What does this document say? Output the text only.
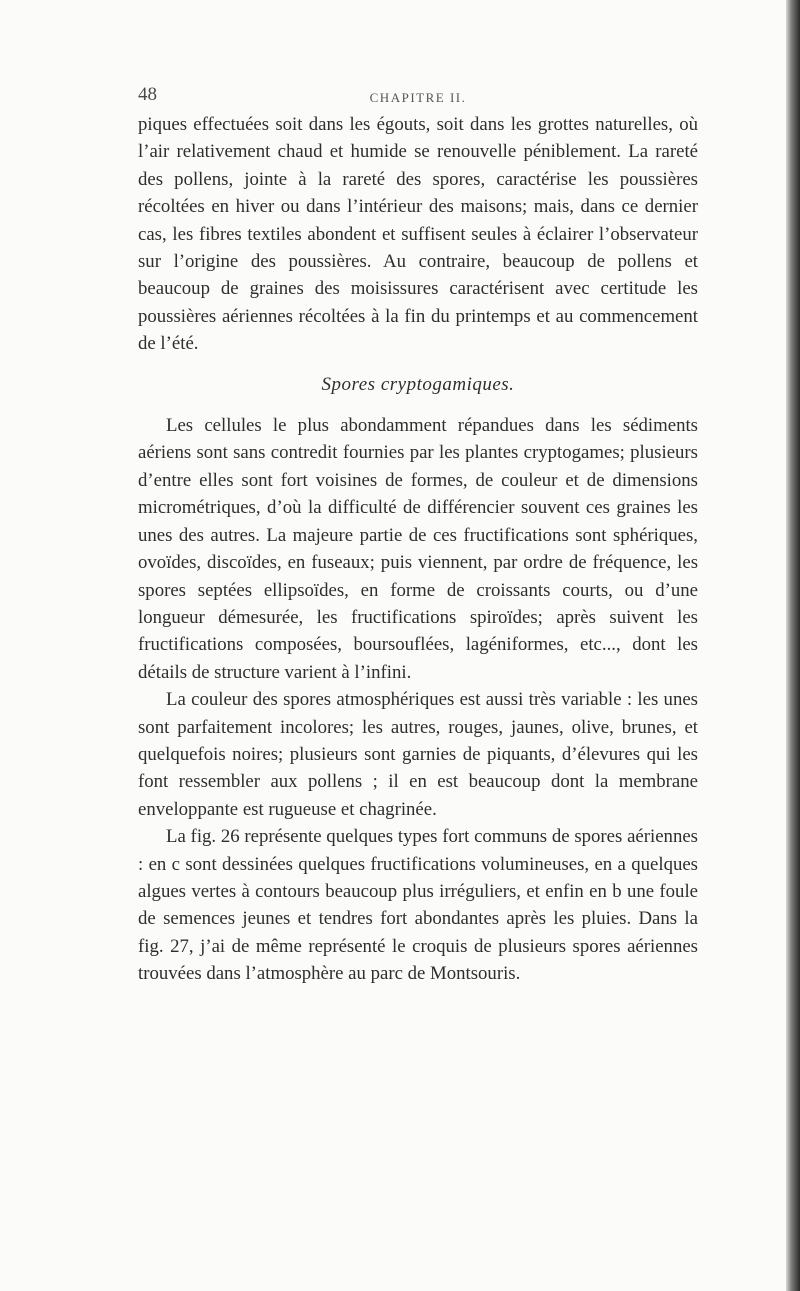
48	CHAPITRE II.

piques effectuées soit dans les égouts, soit dans les grottes naturelles, où l’air relativement chaud et humide se renouvelle péniblement. La rareté des pollens, jointe à la rareté des spores, caractérise les poussières récoltées en hiver ou dans l’intérieur des maisons; mais, dans ce dernier cas, les fibres textiles abondent et suffisent seules à éclairer l’observateur sur l’origine des poussières. Au contraire, beaucoup de pollens et beaucoup de graines des moisissures caractérisent avec certitude les poussières aériennes récoltées à la fin du printemps et au commencement de l’été.

Spores cryptogamiques.

Les cellules le plus abondamment répandues dans les sédiments aériens sont sans contredit fournies par les plantes cryptogames; plusieurs d’entre elles sont fort voisines de formes, de couleur et de dimensions micrométriques, d’où la difficulté de différencier souvent ces graines les unes des autres. La majeure partie de ces fructifications sont sphériques, ovoïdes, discoïdes, en fuseaux; puis viennent, par ordre de fréquence, les spores septées ellipsoïdes, en forme de croissants courts, ou d’une longueur démesurée, les fructifications spiroïdes; après suivent les fructifications composées, boursouflées, lagéniformes, etc..., dont les détails de structure varient à l’infini.

La couleur des spores atmosphériques est aussi très variable : les unes sont parfaitement incolores; les autres, rouges, jaunes, olive, brunes, et quelquefois noires; plusieurs sont garnies de piquants, d’élevures qui les font ressembler aux pollens ; il en est beaucoup dont la membrane enveloppante est rugueuse et chagrinée.

La fig. 26 représente quelques types fort communs de spores aériennes : en c sont dessinées quelques fructifications volumineuses, en a quelques algues vertes à contours beaucoup plus irréguliers, et enfin en b une foule de semences jeunes et tendres fort abondantes après les pluies. Dans la fig. 27, j’ai de même représenté le croquis de plusieurs spores aériennes trouvées dans l’atmosphère au parc de Montsouris.
